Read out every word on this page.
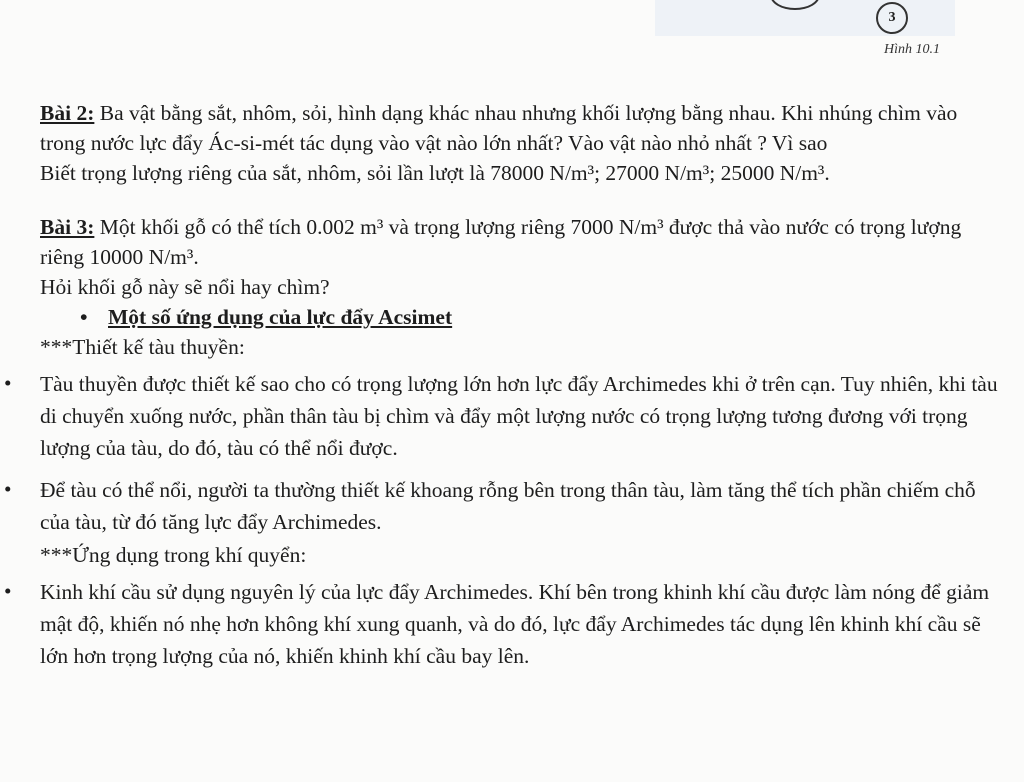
3
Hình 10.1

Bài 2: Ba vật bằng sắt, nhôm, sỏi, hình dạng khác nhau nhưng khối lượng bằng nhau. Khi nhúng chìm vào trong nước lực đẩy Ác-si-mét tác dụng vào vật nào lớn nhất? Vào vật nào nhỏ nhất ? Vì sao

Biết trọng lượng riêng của sắt, nhôm, sỏi lần lượt là 78000 N/m³; 27000 N/m³; 25000 N/m³.

Bài 3: Một khối gỗ có thể tích 0.002 m³ và trọng lượng riêng 7000 N/m³ được thả vào nước có trọng lượng riêng 10000 N/m³.

Hỏi khối gỗ này sẽ nổi hay chìm?

• Một số ứng dụng của lực đẩy Acsimet
***Thiết kế tàu thuyền:
• Tàu thuyền được thiết kế sao cho có trọng lượng lớn hơn lực đẩy Archimedes khi ở trên cạn. Tuy nhiên, khi tàu di chuyển xuống nước, phần thân tàu bị chìm và đẩy một lượng nước có trọng lượng tương đương với trọng lượng của tàu, do đó, tàu có thể nổi được.

• Để tàu có thể nổi, người ta thường thiết kế khoang rỗng bên trong thân tàu, làm tăng thể tích phần chiếm chỗ của tàu, từ đó tăng lực đẩy Archimedes.

***Ứng dụng trong khí quyển:
• Kinh khí cầu sử dụng nguyên lý của lực đẩy Archimedes. Khí bên trong khinh khí cầu được làm nóng để giảm mật độ, khiến nó nhẹ hơn không khí xung quanh, và do đó, lực đẩy Archimedes tác dụng lên khinh khí cầu sẽ lớn hơn trọng lượng của nó, khiến khinh khí cầu bay lên.
